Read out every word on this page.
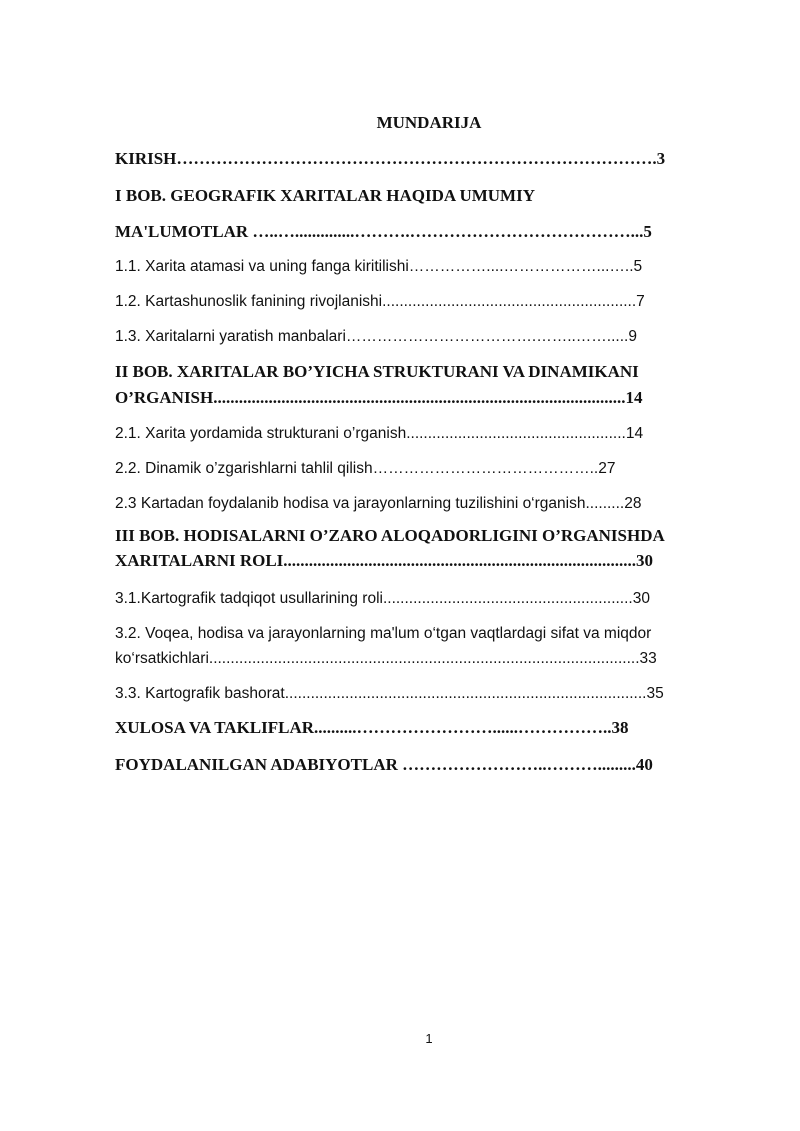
MUNDARIJA
KIRISH………………………………………………………………………….3
I BOB. GEOGRAFIK XARITALAR HAQIDA UMUMIY
MA'LUMOTLAR …..…..............……….…………………………………...5
1.1. Xarita atamasi va uning fanga kiritilishi……………....………………...…..5
1.2. Kartashunoslik fanining rivojlanishi...........................................................7
1.3. Xaritalarni yaratish manbalari……………………………….……..…….....9
II BOB. XARITALAR BO’YICHA STRUKTURANI VA DINAMIKANI
O’RGANISH.................................................................................................14
2.1. Xarita yordamida strukturani o’rganish...................................................14
2.2. Dinamik o’zgarishlarni tahlil qilish……………………………………..27
2.3 Kartadan foydalanib hodisa va jarayonlarning tuzilishini o‘rganish.........28
III BOB. HODISALARNI O’ZARO ALOQADORLIGINI O’RGANISHDA
XARITALARNI ROLI...................................................................................30
3.1.Kartografik tadqiqot usullarining roli..........................................................30
3.2. Voqea, hodisa va jarayonlarning ma'lum o‘tgan vaqtlardagi sifat va miqdor
ko‘rsatkichlari....................................................................................................33
3.3. Kartografik bashorat....................................................................................35
XULOSA VA TAKLIFLAR..........……………………......……………..38
FOYDALANILGAN ADABIYOTLAR ……………………..……….........40
1
